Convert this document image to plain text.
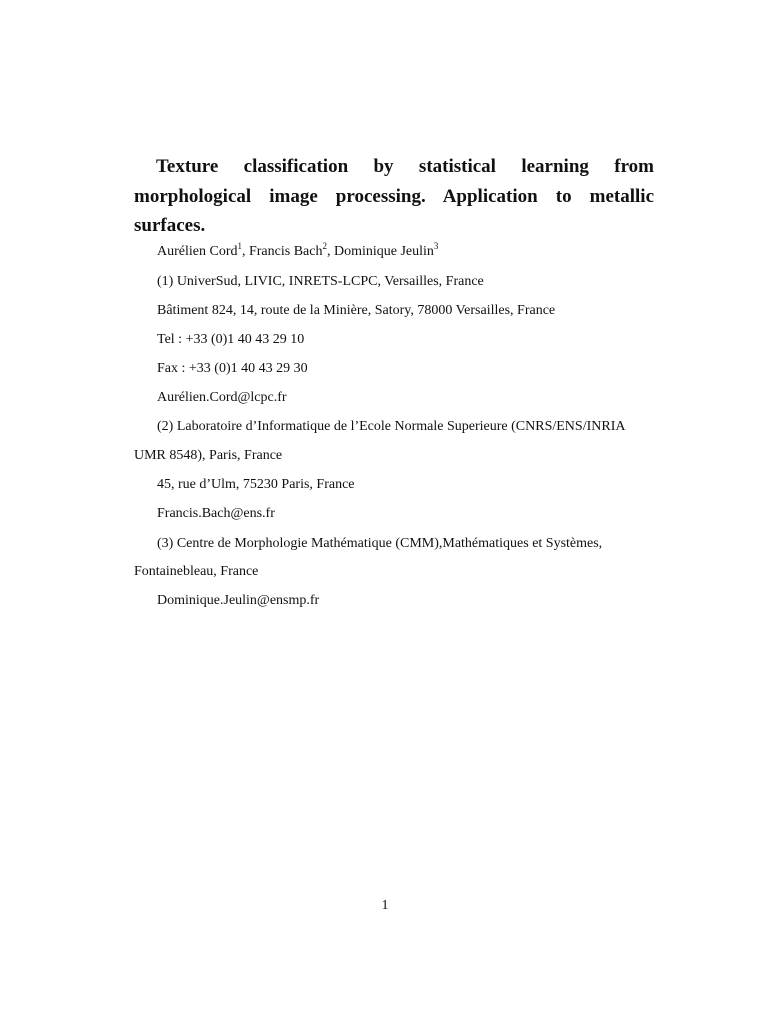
Texture classification by statistical learning from morphological image processing. Application to metallic surfaces.
Aurélien Cord$^1$, Francis Bach$^2$, Dominique Jeulin$^3$
(1) UniverSud, LIVIC, INRETS-LCPC, Versailles, France
Bâtiment 824, 14, route de la Minière, Satory, 78000 Versailles, France
Tel : +33 (0)1 40 43 29 10
Fax : +33 (0)1 40 43 29 30
Aurélien.Cord@lcpc.fr
(2) Laboratoire d’Informatique de l’Ecole Normale Superieure (CNRS/ENS/INRIA
UMR 8548), Paris, France
45, rue d’Ulm, 75230 Paris, France
Francis.Bach@ens.fr
(3) Centre de Morphologie Mathématique (CMM),Mathématiques et Systèmes,
Fontainebleau, France
Dominique.Jeulin@ensmp.fr
1
